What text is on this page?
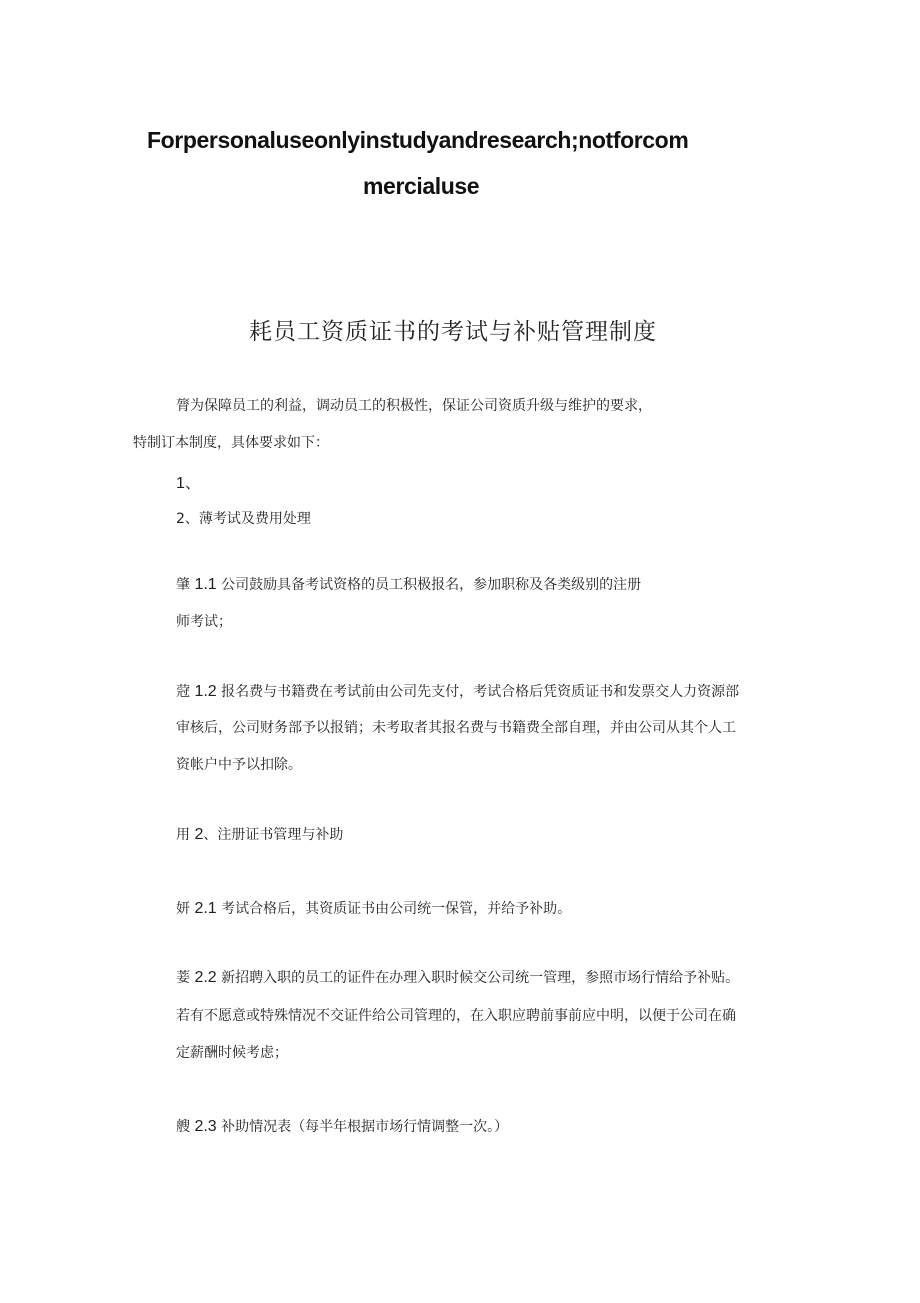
Forpersonaluseonlyinstudyandresearch;notforcom
mercialuse
耗员工资质证书的考试与补贴管理制度
膂为保障员工的利益，调动员工的积极性，保证公司资质升级与维护的要求，
特制订本制度，具体要求如下：
1、
2、薄考试及费用处理
肇 1.1 公司鼓励具备考试资格的员工积极报名，参加职称及各类级别的注册
师考试；
蒄 1.2 报名费与书籍费在考试前由公司先支付，考试合格后凭资质证书和发票交人力资源部
审核后，公司财务部予以报销；未考取者其报名费与书籍费全部自理，并由公司从其个人工
资帐户中予以扣除。
用 2、注册证书管理与补助
妍 2.1 考试合格后，其资质证书由公司统一保管，并给予补助。
菨 2.2 新招聘入职的员工的证件在办理入职时候交公司统一管理，参照市场行情给予补贴。
若有不愿意或特殊情况不交证件给公司管理的，在入职应聘前事前应中明，以便于公司在确
定薪酬时候考虑；
艘 2.3 补助情况表（每半年根据市场行情调整一次。）
